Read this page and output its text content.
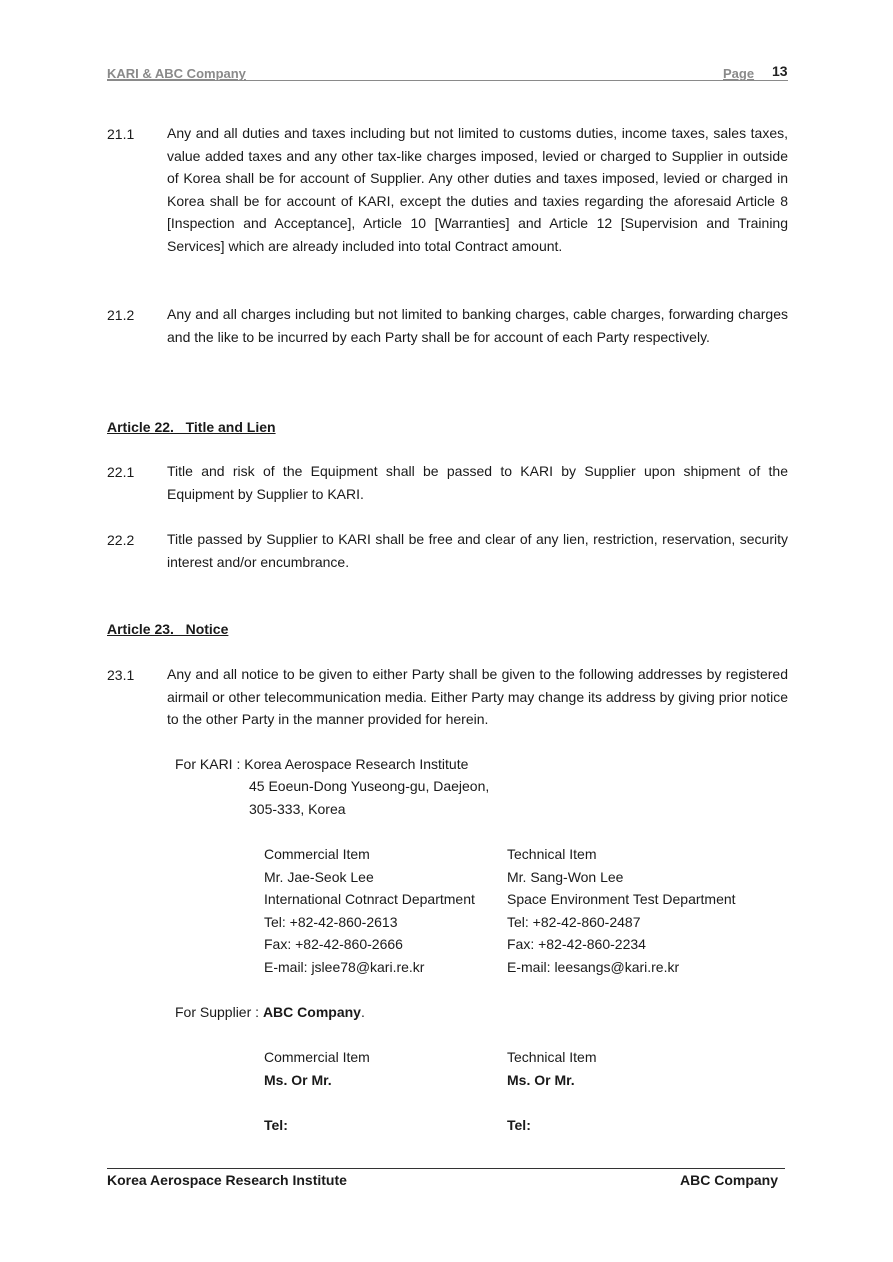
KARI & ABC Company	Page 13
21.1 Any and all duties and taxes including but not limited to customs duties, income taxes, sales taxes, value added taxes and any other tax-like charges imposed, levied or charged to Supplier in outside of Korea shall be for account of Supplier. Any other duties and taxes imposed, levied or charged in Korea shall be for account of KARI, except the duties and taxies regarding the aforesaid Article 8 [Inspection and Acceptance], Article 10 [Warranties] and Article 12 [Supervision and Training Services] which are already included into total Contract amount.
21.2 Any and all charges including but not limited to banking charges, cable charges, forwarding charges and the like to be incurred by each Party shall be for account of each Party respectively.
Article 22.   Title and Lien
22.1 Title and risk of the Equipment shall be passed to KARI by Supplier upon shipment of the Equipment by Supplier to KARI.
22.2 Title passed by Supplier to KARI shall be free and clear of any lien, restriction, reservation, security interest and/or encumbrance.
Article 23.   Notice
23.1 Any and all notice to be given to either Party shall be given to the following addresses by registered airmail or other telecommunication media. Either Party may change its address by giving prior notice to the other Party in the manner provided for herein.
For KARI : Korea Aerospace Research Institute
45 Eoeun-Dong Yuseong-gu, Daejeon,
305-333, Korea
Commercial Item
Mr. Jae-Seok Lee
International Cotnract Department
Tel: +82-42-860-2613
Fax: +82-42-860-2666
E-mail: jslee78@kari.re.kr
Technical Item
Mr. Sang-Won Lee
Space Environment Test Department
Tel: +82-42-860-2487
Fax: +82-42-860-2234
E-mail: leesangs@kari.re.kr
For Supplier : ABC Company.
Commercial Item
Ms. Or Mr.
Tel:
Technical Item
Ms. Or Mr.
Tel:
Korea Aerospace Research Institute	ABC Company
